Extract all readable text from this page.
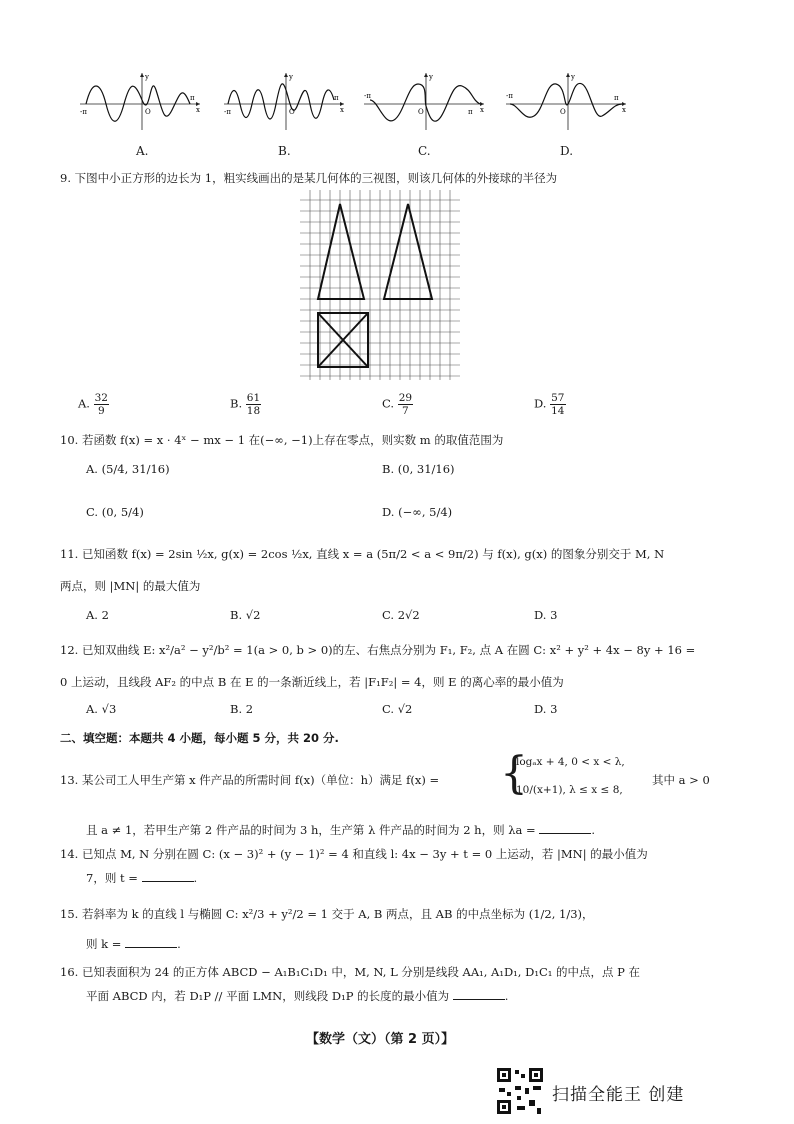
-π	O
y
π
x	-π	O
y
π
x
-π
O
y
π x
-π
O
y
π
x
A.	B.	C.	D.
9. 下图中小正方形的边长为 1，粗实线画出的是某几何体的三视图，则该几何体的外接球的半径为
A. $\frac{32}{9}$	B. $\frac{61}{18}$	C. $\frac{29}{7}$	D. $\frac{57}{14}$
10. 若函数 f(x) = x · 4ˣ − mx − 1 在(−∞, −1)上存在零点，则实数 m 的取值范围为
A. (5/4, 31/16)	B. (0, 31/16)
C. (0, 5/4)	D. (−∞, 5/4)
11. 已知函数 f(x) = 2sin ½x, g(x) = 2cos ½x, 直线 x = a (5π/2 < a < 9π/2) 与 f(x), g(x) 的图象分别交于 M, N
两点，则 |MN| 的最大值为
A. 2	B. √2	C. 2√2	D. 3
12. 已知双曲线 E: x²/a² − y²/b² = 1(a > 0, b > 0)的左、右焦点分别为 F₁, F₂, 点 A 在圆 C: x² + y² + 4x − 8y + 16 =
0 上运动，且线段 AF₂ 的中点 B 在 E 的一条渐近线上，若 |F₁F₂| = 4，则 E 的离心率的最小值为
A. √3	B. 2	C. √2	D. 3
二、填空题：本题共 4 小题，每小题 5 分，共 20 分.
13. 某公司工人甲生产第 x 件产品的所需时间 f(x)（单位：h）满足 f(x) = {
logₐx + 4, 0 < x < λ,
10/(x+1), λ ≤ x ≤ 8,
其中 a > 0
且 a ≠ 1，若甲生产第 2 件产品的时间为 3 h，生产第 λ 件产品的时间为 2 h，则 λa =	.
14. 已知点 M, N 分别在圆 C: (x − 3)² + (y − 1)² = 4 和直线 l: 4x − 3y + t = 0 上运动，若 |MN| 的最小值为
7，则 t =	.
15. 若斜率为 k 的直线 l 与椭圆 C: x²/3 + y²/2 = 1 交于 A, B 两点，且 AB 的中点坐标为 (1/2, 1/3)，
则 k =	.
16. 已知表面积为 24 的正方体 ABCD − A₁B₁C₁D₁ 中，M, N, L 分别是线段 AA₁, A₁D₁, D₁C₁ 的中点，点 P 在
平面 ABCD 内，若 D₁P // 平面 LMN，则线段 D₁P 的长度的最小值为	.
【数学（文）（第 2 页）】
扫描全能王 创建
